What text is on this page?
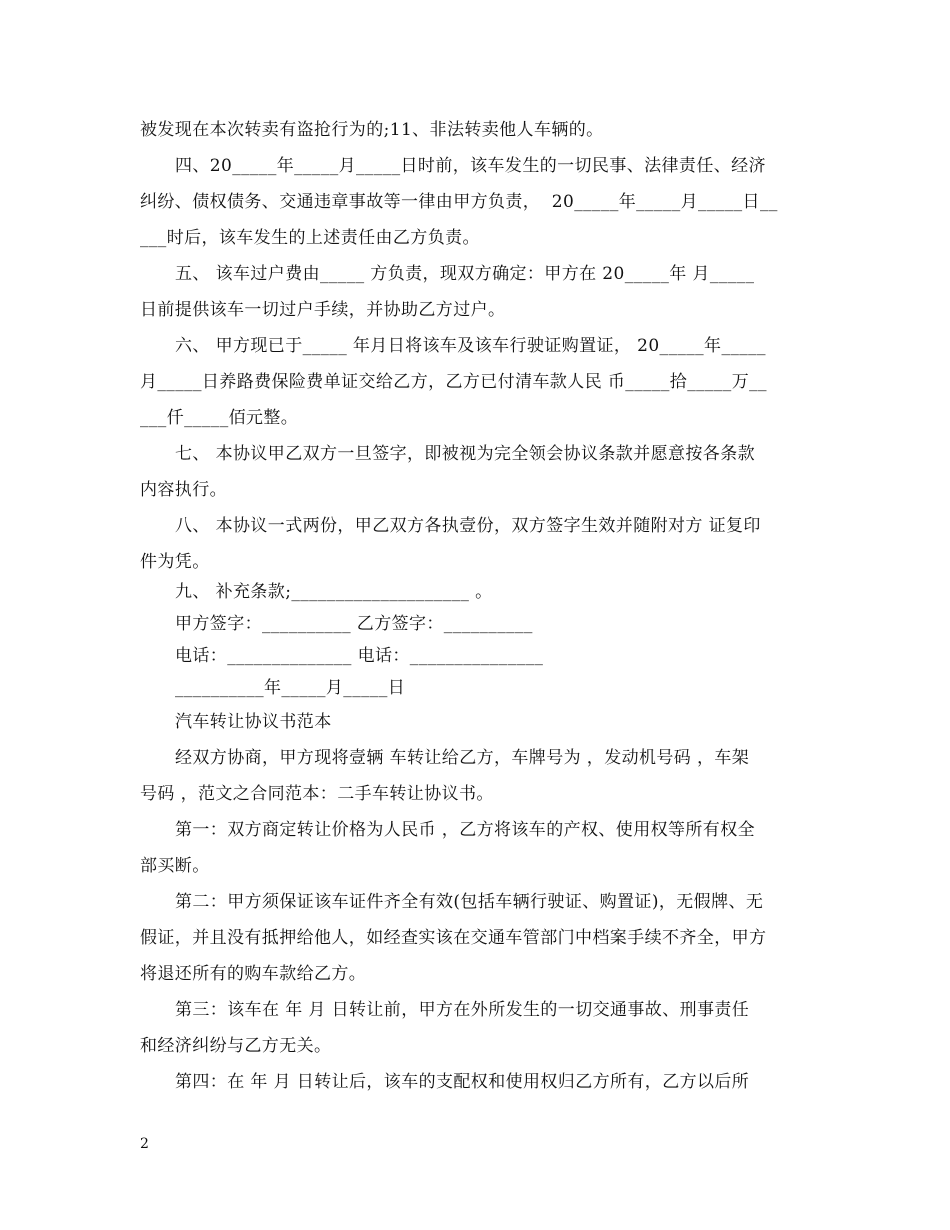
被发现在本次转卖有盗抢行为的;11、非法转卖他人车辆的。
四、20_____年_____月_____日时前，该车发生的一切民事、法律责任、经济
纠纷、债权债务、交通违章事故等一律由甲方负责，  20_____年_____月_____日__
___时后，该车发生的上述责任由乙方负责。
五、 该车过户费由_____ 方负责，现双方确定：甲方在 20_____年 月_____
日前提供该车一切过户手续，并协助乙方过户。
六、 甲方现已于_____ 年月日将该车及该车行驶证购置证， 20_____年_____
月_____日养路费保险费单证交给乙方，乙方已付清车款人民 币_____拾_____万__
___仟_____佰元整。
七、 本协议甲乙双方一旦签字，即被视为完全领会协议条款并愿意按各条款
内容执行。
八、 本协议一式两份，甲乙双方各执壹份，双方签字生效并随附对方 证复印
件为凭。
九、 补充条款;____________________ 。
甲方签字：__________ 乙方签字：__________
电话：______________ 电话：_______________
__________年_____月_____日
汽车转让协议书范本
经双方协商，甲方现将壹辆 车转让给乙方，车牌号为 ，发动机号码 ，车架
号码 ，范文之合同范本：二手车转让协议书。
第一：双方商定转让价格为人民币 ，乙方将该车的产权、使用权等所有权全
部买断。
第二：甲方须保证该车证件齐全有效(包括车辆行驶证、购置证)，无假牌、无
假证，并且没有抵押给他人，如经查实该在交通车管部门中档案手续不齐全，甲方
将退还所有的购车款给乙方。
第三：该车在 年 月 日转让前，甲方在外所发生的一切交通事故、刑事责任
和经济纠纷与乙方无关。
第四：在 年 月 日转让后，该车的支配权和使用权归乙方所有，乙方以后所
2
